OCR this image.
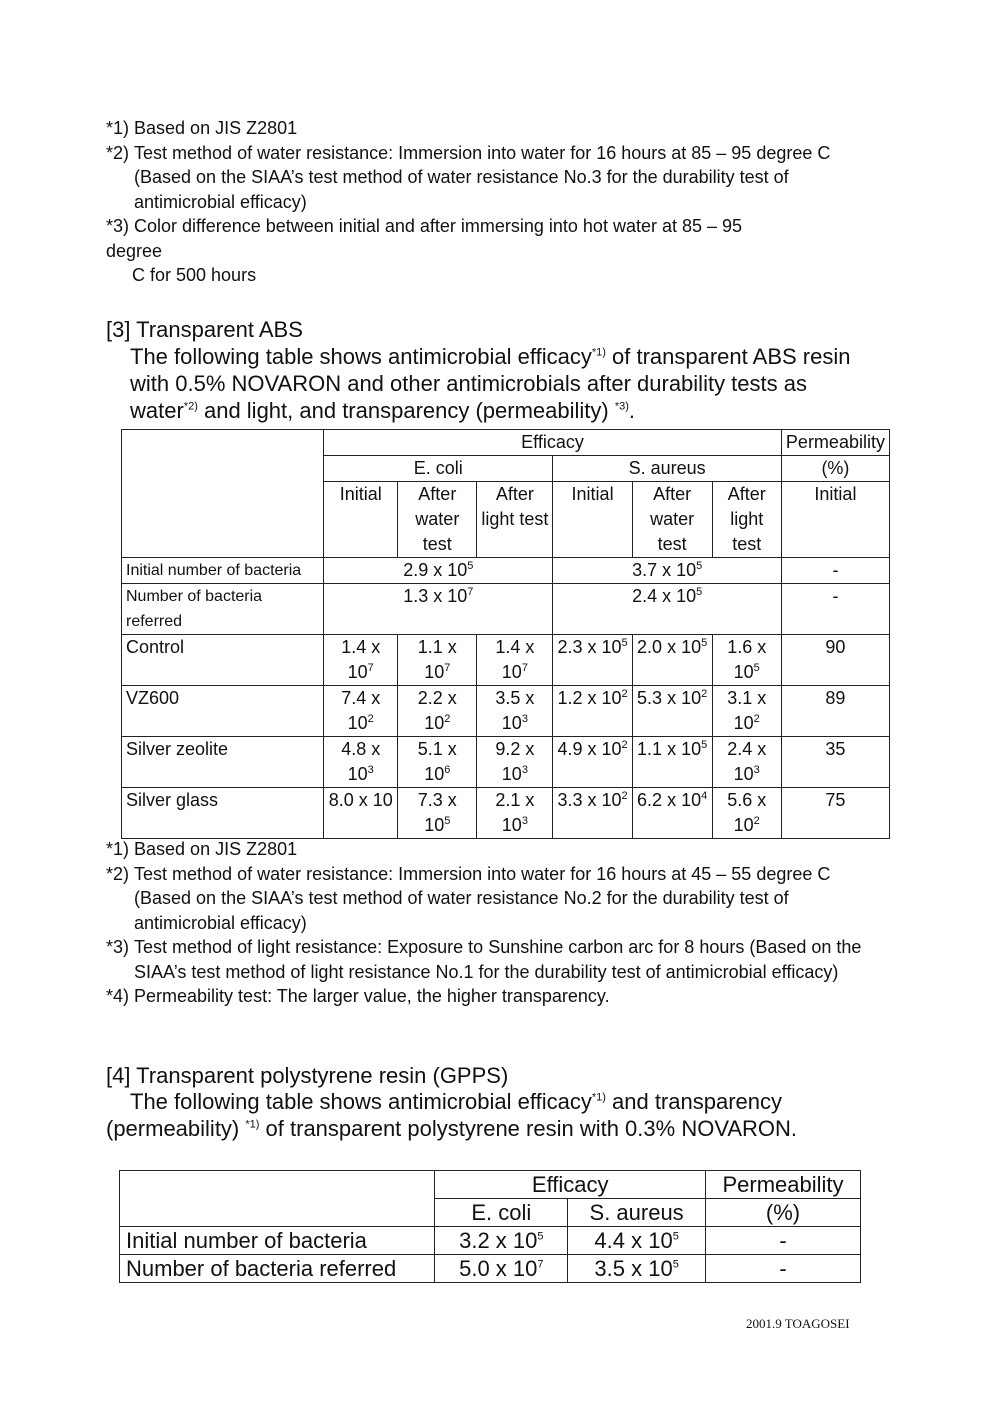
*1) Based on JIS Z2801
*2) Test method of water resistance: Immersion into water for 16 hours at 85 – 95 degree C (Based on the SIAA’s test method of water resistance No.3 for the durability test of antimicrobial efficacy)
*3) Color difference between initial and after immersing into hot water at 85 – 95
degree
C for 500 hours
[3] Transparent ABS
The following table shows antimicrobial efficacy$^{*1)}$ of transparent ABS resin with 0.5% NOVARON and other antimicrobials after durability tests as water$^{*2)}$ and light, and transparency (permeability) $^{*3)}$.
	Efficacy						Permeability
	E. coli			S. aureus			(%)
	Initial	After water test	After light test	Initial	After water test	After light test	Initial
Initial number of bacteria	2.9 x $10^5$			3.7 x $10^5$			-
Number of bacteria referred	1.3 x $10^7$			2.4 x $10^5$			-
Control	1.4 x $10^7$	1.1 x $10^7$	1.4 x $10^7$	2.3 x $10^5$	2.0 x $10^5$	1.6 x $10^5$	90
VZ600	7.4 x $10^2$	2.2 x $10^2$	3.5 x $10^3$	1.2 x $10^2$	5.3 x $10^2$	3.1 x $10^2$	89
Silver zeolite	4.8 x $10^3$	5.1 x $10^6$	9.2 x $10^3$	4.9 x $10^2$	1.1 x $10^5$	2.4 x $10^3$	35
Silver glass	8.0 x 10	7.3 x $10^5$	2.1 x $10^3$	3.3 x $10^2$	6.2 x $10^4$	5.6 x $10^2$	75
*1) Based on JIS Z2801
*2) Test method of water resistance: Immersion into water for 16 hours at 45 – 55 degree C (Based on the SIAA’s test method of water resistance No.2 for the durability test of antimicrobial efficacy)
*3) Test method of light resistance: Exposure to Sunshine carbon arc for 8 hours (Based on the SIAA’s test method of light resistance No.1 for the durability test of antimicrobial efficacy)
*4) Permeability test: The larger value, the higher transparency.
[4] Transparent polystyrene resin (GPPS)
The following table shows antimicrobial efficacy$^{*1)}$ and transparency (permeability) $^{*1)}$ of transparent polystyrene resin with 0.3% NOVARON.
	Efficacy		Permeability
	E. coli	S. aureus	(%)
Initial number of bacteria	3.2 x $10^5$	4.4 x $10^5$	-
Number of bacteria referred	5.0 x $10^7$	3.5 x $10^5$	-
2001.9 TOAGOSEI
